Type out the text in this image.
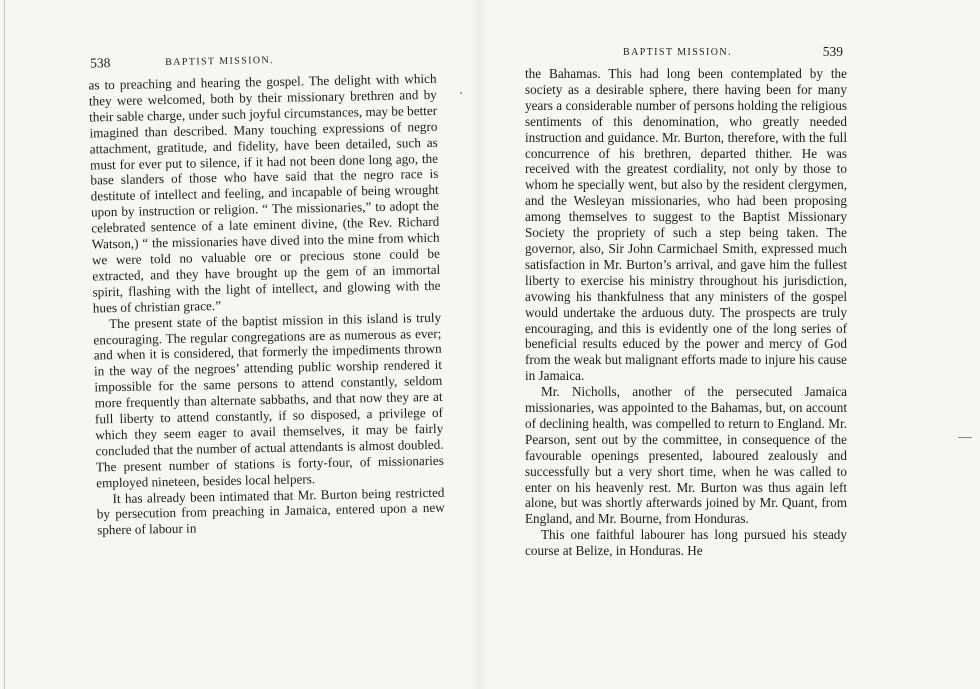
538	BAPTIST MISSION.

as to preaching and hearing the gospel. The delight with which they were welcomed, both by their missionary brethren and by their sable charge, under such joyful circumstances, may be better imagined than described. Many touching expressions of negro attachment, gratitude, and fidelity, have been detailed, such as must for ever put to silence, if it had not been done long ago, the base slanders of those who have said that the negro race is destitute of intellect and feeling, and incapable of being wrought upon by instruction or religion. “ The missionaries,” to adopt the celebrated sentence of a late eminent divine, (the Rev. Richard Watson,) “ the missionaries have dived into the mine from which we were told no valuable ore or precious stone could be extracted, and they have brought up the gem of an immortal spirit, flashing with the light of intellect, and glowing with the hues of christian grace.”

The present state of the baptist mission in this island is truly encouraging. The regular congregations are as numerous as ever; and when it is considered, that formerly the impediments thrown in the way of the negroes’ attending public worship rendered it impossible for the same persons to attend constantly, seldom more frequently than alternate sabbaths, and that now they are at full liberty to attend constantly, if so disposed, a privilege of which they seem eager to avail themselves, it may be fairly concluded that the number of actual attendants is almost doubled. The present number of stations is forty-four, of missionaries employed nineteen, besides local helpers.

It has already been intimated that Mr. Burton being restricted by persecution from preaching in Jamaica, entered upon a new sphere of labour in

BAPTIST MISSION.	539

the Bahamas. This had long been contemplated by the society as a desirable sphere, there having been for many years a considerable number of persons holding the religious sentiments of this denomination, who greatly needed instruction and guidance. Mr. Burton, therefore, with the full concurrence of his brethren, departed thither. He was received with the greatest cordiality, not only by those to whom he specially went, but also by the resident clergymen, and the Wesleyan missionaries, who had been proposing among themselves to suggest to the Baptist Missionary Society the propriety of such a step being taken. The governor, also, Sir John Carmichael Smith, expressed much satisfaction in Mr. Burton’s arrival, and gave him the fullest liberty to exercise his ministry throughout his jurisdiction, avowing his thankfulness that any ministers of the gospel would undertake the arduous duty. The prospects are truly encouraging, and this is evidently one of the long series of beneficial results educed by the power and mercy of God from the weak but malignant efforts made to injure his cause in Jamaica.

Mr. Nicholls, another of the persecuted Jamaica missionaries, was appointed to the Bahamas, but, on account of declining health, was compelled to return to England. Mr. Pearson, sent out by the committee, in consequence of the favourable openings presented, laboured zealously and successfully but a very short time, when he was called to enter on his heavenly rest. Mr. Burton was thus again left alone, but was shortly afterwards joined by Mr. Quant, from England, and Mr. Bourne, from Honduras.

This one faithful labourer has long pursued his steady course at Belize, in Honduras. He
